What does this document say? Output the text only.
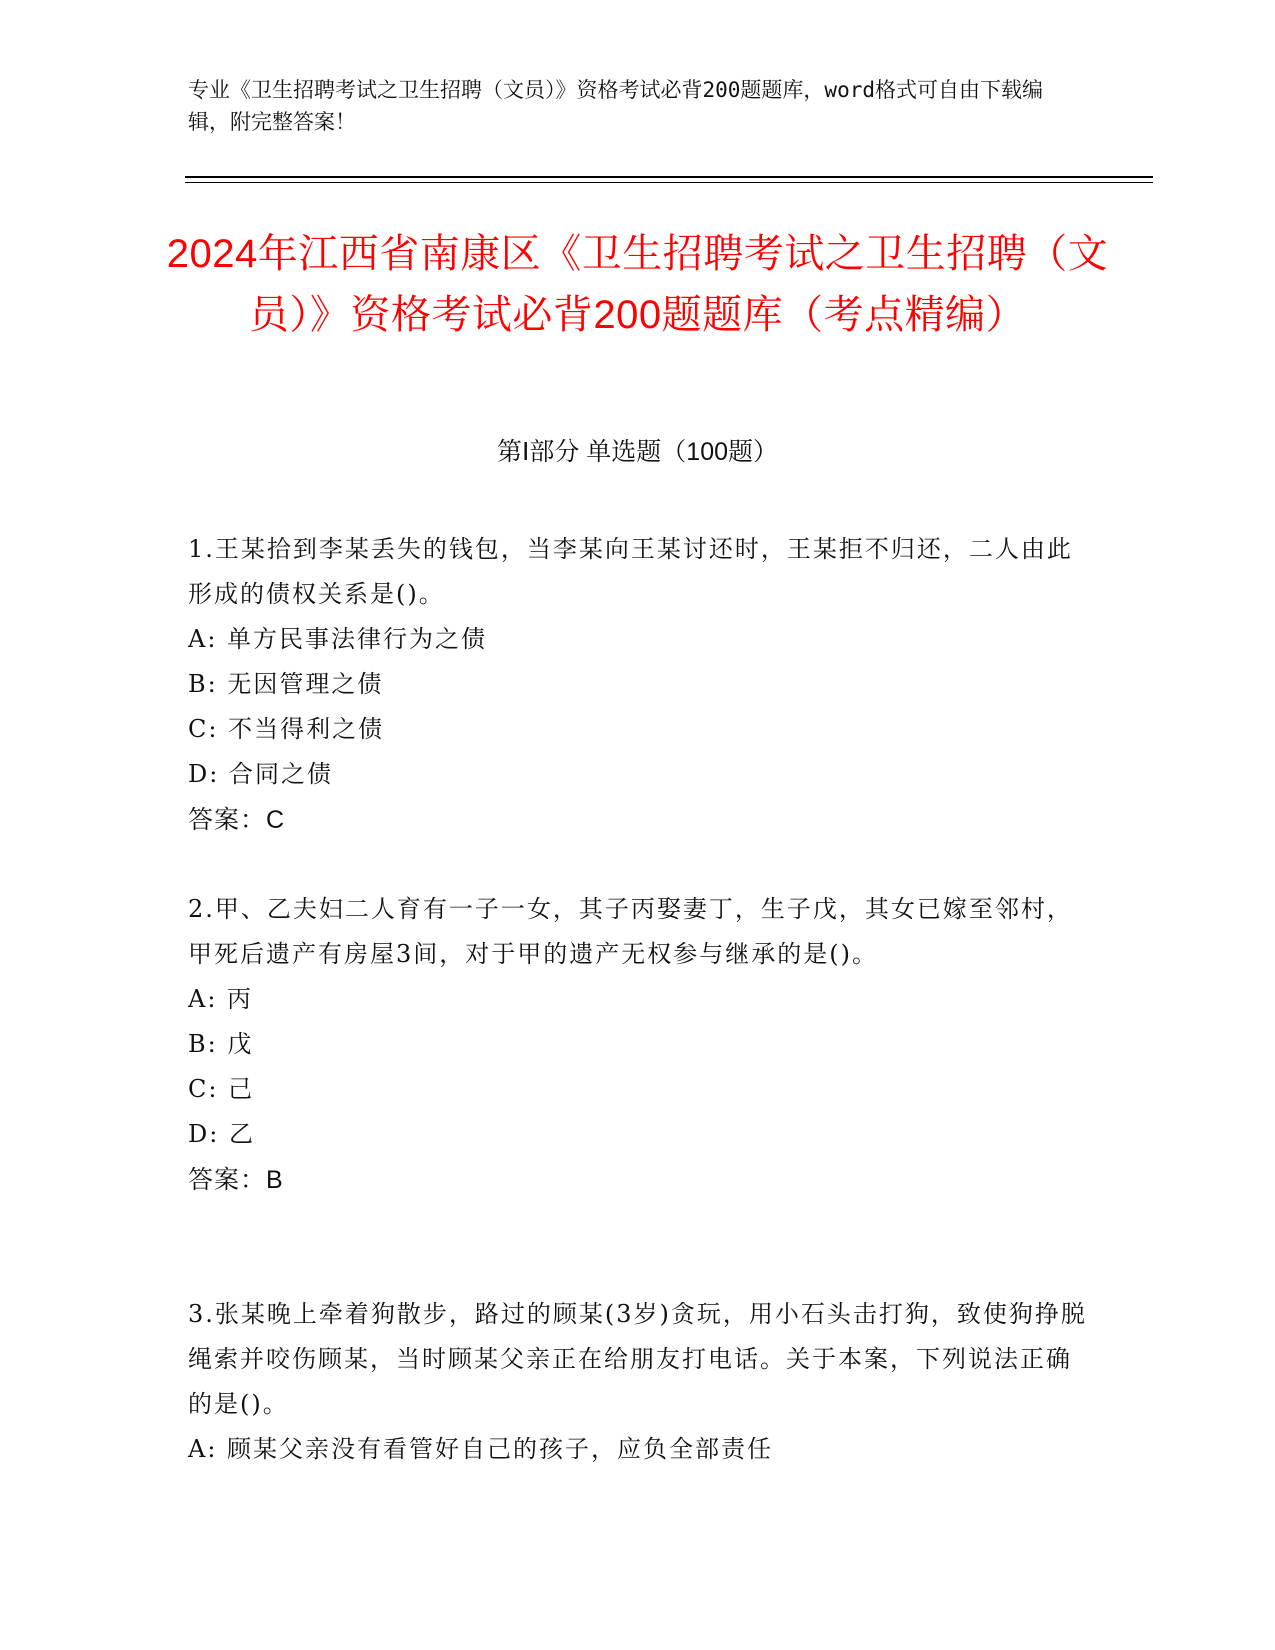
专业《卫生招聘考试之卫生招聘（文员）》资格考试必背200题题库，word格式可自由下载编辑，附完整答案！
2024年江西省南康区《卫生招聘考试之卫生招聘（文员）》资格考试必背200题题库（考点精编）
第Ⅰ部分 单选题（100题）
1.王某拾到李某丢失的钱包，当李某向王某讨还时，王某拒不归还，二人由此形成的债权关系是()。
A: 单方民事法律行为之债
B: 无因管理之债
C: 不当得利之债
D: 合同之债
答案：C
2.甲、乙夫妇二人育有一子一女，其子丙娶妻丁，生子戊，其女已嫁至邻村，甲死后遗产有房屋3间，对于甲的遗产无权参与继承的是()。
A: 丙
B: 戊
C: 己
D: 乙
答案：B
3.张某晚上牵着狗散步，路过的顾某(3岁)贪玩，用小石头击打狗，致使狗挣脱绳索并咬伤顾某，当时顾某父亲正在给朋友打电话。关于本案，下列说法正确的是()。
A: 顾某父亲没有看管好自己的孩子，应负全部责任
